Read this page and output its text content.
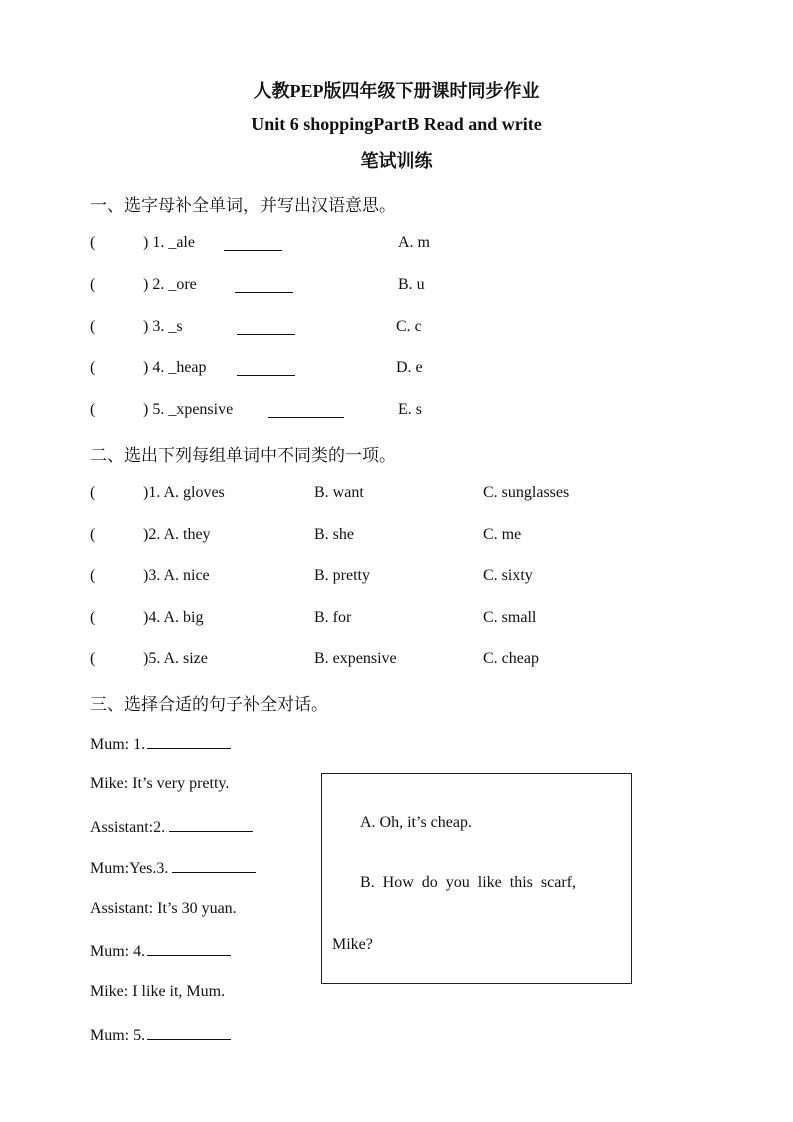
人教PEP版四年级下册课时同步作业
Unit 6 shoppingPartB Read and write
笔试训练
一、选字母补全单词，并写出汉语意思。
(	) 1. _ale	A. m
(	) 2. _ore	B. u
(	) 3. _s	C. c
(	) 4. _heap	D. e
(	) 5. _xpensive	E. s
二、选出下列每组单词中不同类的一项。
(	)1. A. gloves	B. want	C. sunglasses
(	)2. A. they	B. she	C. me
(	)3. A. nice	B. pretty	C. sixty
(	)4. A. big	B. for	C. small
(	)5. A. size	B. expensive	C. cheap
三、选择合适的句子补全对话。
Mum: 1.
Mike: It’s very pretty.
Assistant:2.
Mum:Yes.3.
Assistant: It’s 30 yuan.
Mum: 4.
Mike: I like it, Mum.
Mum: 5.
A. Oh, it’s cheap.
B.  How  do  you  like  this  scarf,
Mike?
